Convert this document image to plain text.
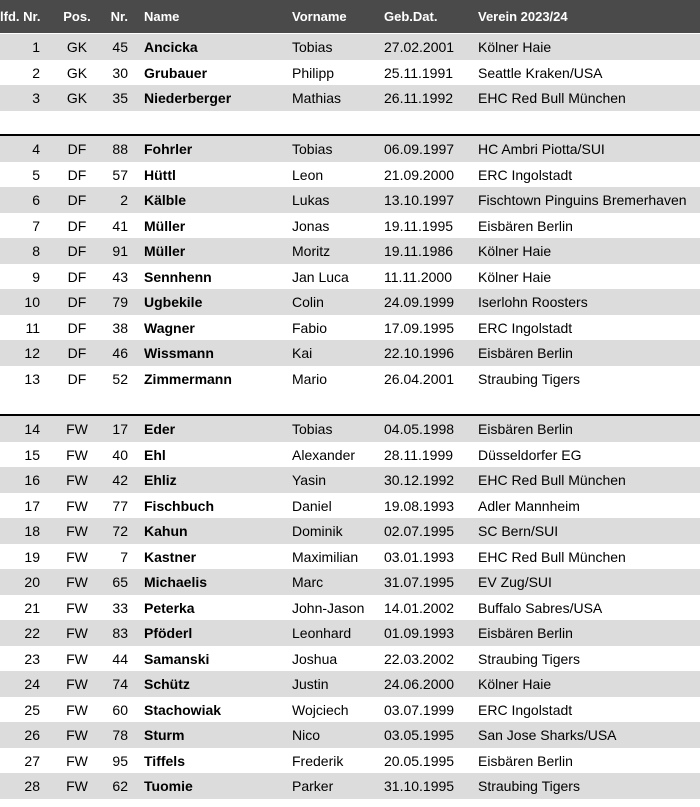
lfd. Nr. Pos.	Nr. Name	Vorname	Geb.Dat.	Verein 2023/24
1	GK	45 Ancicka	Tobias	27.02.2001 Kölner Haie
2	GK	30 Grubauer	Philipp	25.11.1991 Seattle Kraken/USA
3	GK	35 Niederberger	Mathias	26.11.1992 EHC Red Bull München
4	DF	88 Fohrler	Tobias	06.09.1997 HC Ambri Piotta/SUI
5	DF	57 Hüttl	Leon	21.09.2000 ERC Ingolstadt
6	DF	2 Kälble	Lukas	13.10.1997 Fischtown Pinguins Bremerhaven
7	DF	41 Müller	Jonas	19.11.1995 Eisbären Berlin
8	DF	91 Müller	Moritz	19.11.1986 Kölner Haie
9	DF	43 Sennhenn	Jan Luca	11.11.2000 Kölner Haie
10	DF	79 Ugbekile	Colin	24.09.1999 Iserlohn Roosters
11	DF	38 Wagner	Fabio	17.09.1995 ERC Ingolstadt
12	DF	46 Wissmann	Kai	22.10.1996 Eisbären Berlin
13	DF	52 Zimmermann	Mario	26.04.2001 Straubing Tigers
14	FW	17 Eder	Tobias	04.05.1998 Eisbären Berlin
15	FW	40 Ehl	Alexander 28.11.1999 Düsseldorfer EG
16	FW	42 Ehliz	Yasin	30.12.1992 EHC Red Bull München
17	FW	77 Fischbuch	Daniel	19.08.1993 Adler Mannheim
18	FW	72 Kahun	Dominik	02.07.1995 SC Bern/SUI
19	FW	7 Kastner	Maximilian 03.01.1993 EHC Red Bull München
20	FW	65 Michaelis	Marc	31.07.1995 EV Zug/SUI
21	FW	33 Peterka	John-Jason 14.01.2002 Buffalo Sabres/USA
22	FW	83 Pföderl	Leonhard 01.09.1993 Eisbären Berlin
23	FW	44 Samanski	Joshua	22.03.2002 Straubing Tigers
24	FW	74 Schütz	Justin	24.06.2000 Kölner Haie
25	FW	60 Stachowiak	Wojciech	03.07.1999 ERC Ingolstadt
26	FW	78 Sturm	Nico	03.05.1995 San Jose Sharks/USA
27	FW	95 Tiffels	Frederik	20.05.1995 Eisbären Berlin
28	FW	62 Tuomie	Parker	31.10.1995 Straubing Tigers
